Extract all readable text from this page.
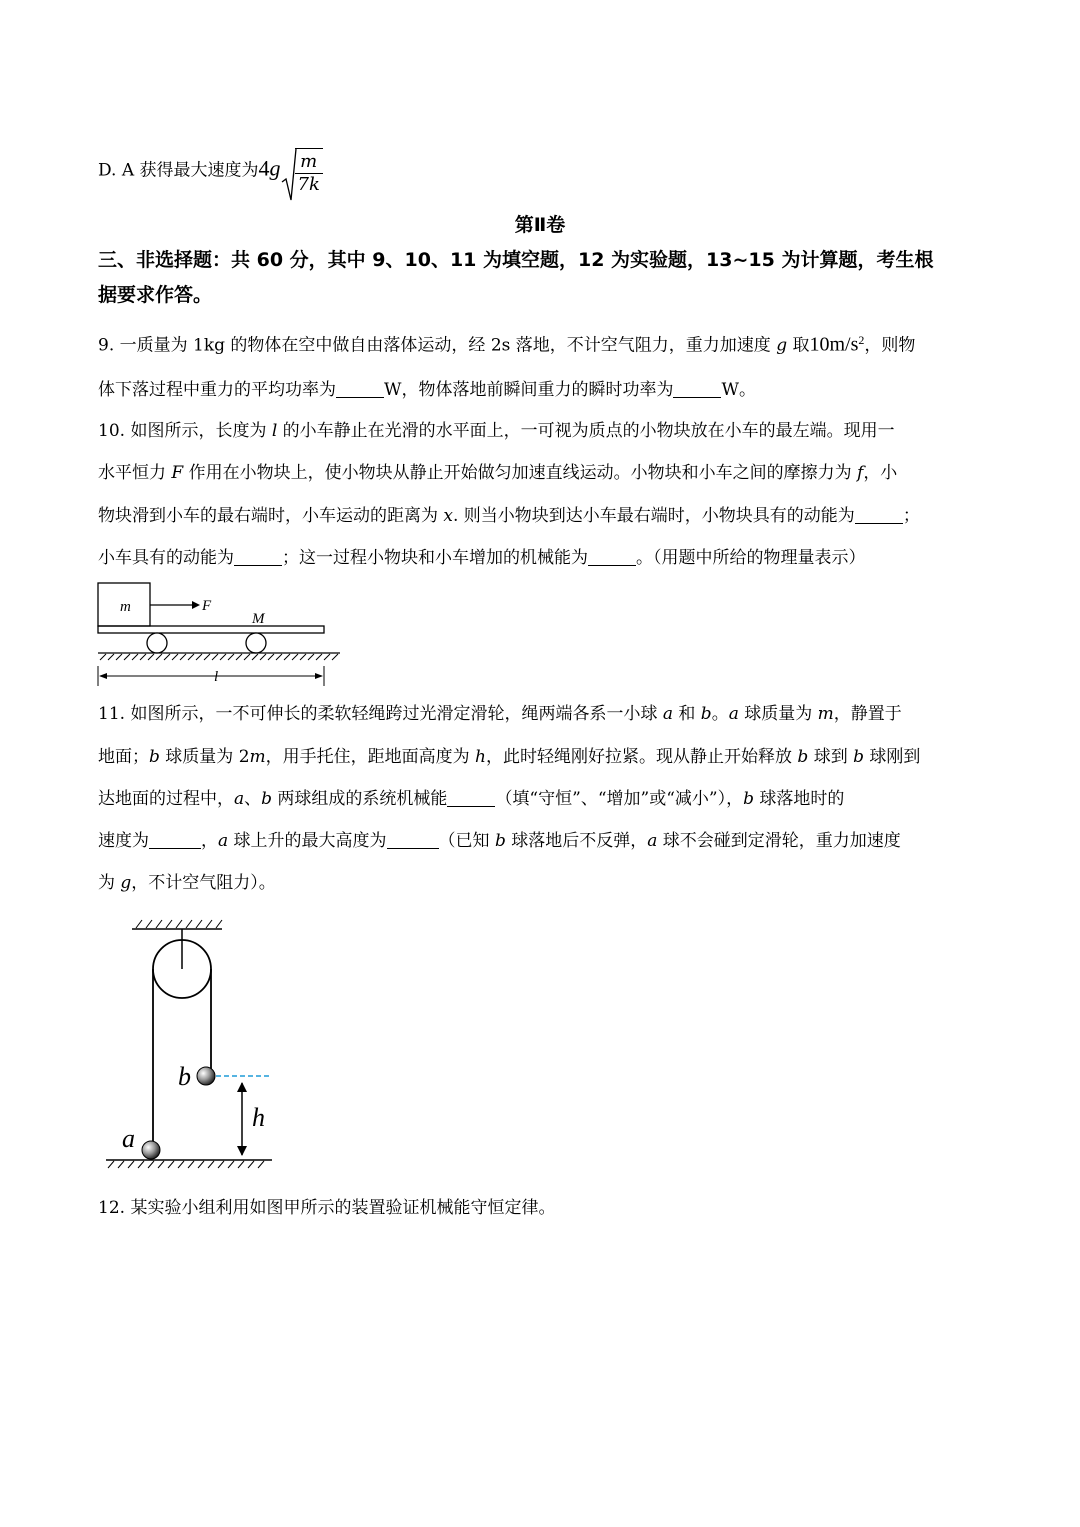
D. A 获得最大速度为$4g \frac{m}{7k}$
第Ⅱ卷
三、非选择题：共 60 分，其中 9、10、11 为填空题，12 为实验题，13~15 为计算题，考生根
据要求作答。
9. 一质量为 1kg 的物体在空中做自由落体运动，经 2s 落地，不计空气阻力，重力加速度 g 取$10m/s^2$，则物
体下落过程中重力的平均功率为	W，物体落地前瞬间重力的瞬时功率为	W。
10. 如图所示，长度为 l 的小车静止在光滑的水平面上，一可视为质点的小物块放在小车的最左端。现用一
水平恒力 F 作用在小物块上，使小物块从静止开始做匀加速直线运动。小物块和小车之间的摩擦力为 f，小
物块滑到小车的最右端时，小车运动的距离为 x. 则当小物块到达小车最右端时，小物块具有的动能为	；
小车具有的动能为	；这一过程小物块和小车增加的机械能为	。（用题中所给的物理量表示）
m	F
M
l
11. 如图所示，一不可伸长的柔软轻绳跨过光滑定滑轮，绳两端各系一小球 a 和 b。a 球质量为 m，静置于
地面；b 球质量为 2m，用手托住，距地面高度为 h，此时轻绳刚好拉紧。现从静止开始释放 b 球到 b 球刚到
达地面的过程中，a、b 两球组成的系统机械能	（填“守恒”、“增加”或“减小”），b 球落地时的
速度为	，a 球上升的最大高度为	（已知 b 球落地后不反弹，a 球不会碰到定滑轮，重力加速度
为 g，不计空气阻力）。
b
a
h
12. 某实验小组利用如图甲所示的装置验证机械能守恒定律。
